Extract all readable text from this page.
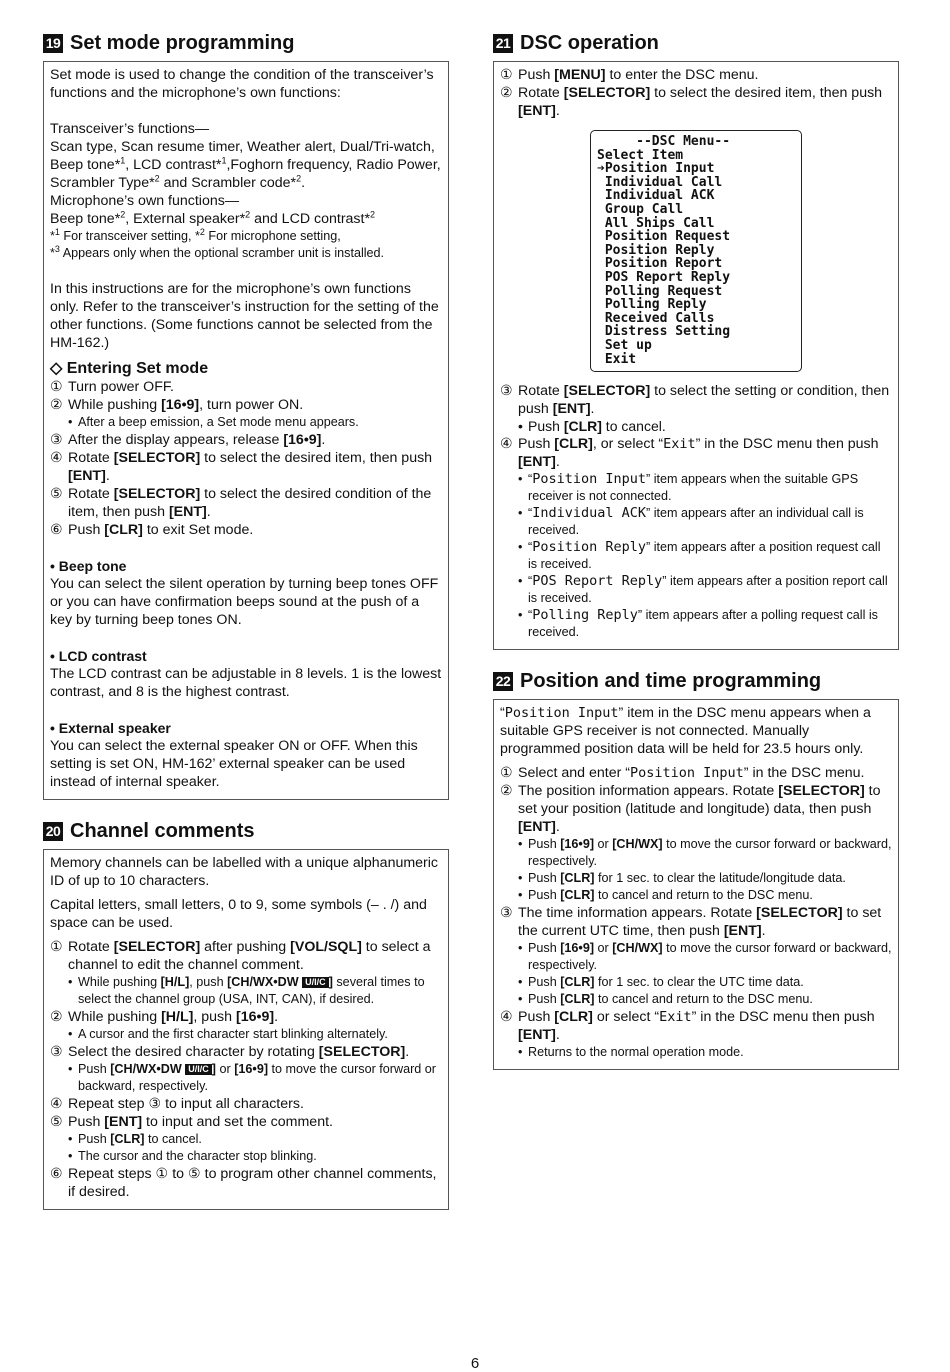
19 Set mode programming

Set mode is used to change the condition of the transceiver’s functions and the microphone’s own functions:

Transceiver’s functions—

Scan type, Scan resume timer, Weather alert, Dual/Tri-watch, Beep tone*$^1$, LCD contrast*$^1$,Foghorn frequency, Radio Power, Scrambler Type*$^2$ and Scrambler code*$^2$.

Microphone’s own functions—

Beep tone*$^2$, External speaker*$^2$ and LCD contrast*$^2$

*$^1$ For transceiver setting, *$^2$ For microphone setting,

*$^3$ Appears only when the optional scramber unit is installed.

In this instructions are for the microphone’s own functions only. Refer to the transceiver’s instruction for the setting of the other functions. (Some functions cannot be selected from the HM-162.)

◇ Entering Set mode
① Turn power OFF.
② While pushing [16•9], turn power ON.
• After a beep emission, a Set mode menu appears.
③ After the display appears, release [16•9].
④ Rotate [SELECTOR] to select the desired item, then push [ENT].
⑤ Rotate [SELECTOR] to select the desired condition of the item, then push [ENT].
⑥ Push [CLR] to exit Set mode.
• Beep tone

You can select the silent operation by turning beep tones OFF or you can have confirmation beeps sound at the push of a key by turning beep tones ON.

• LCD contrast

The LCD contrast can be adjustable in 8 levels. 1 is the lowest contrast, and 8 is the highest contrast.

• External speaker

You can select the external speaker ON or OFF. When this setting is set ON, HM-162’ external speaker can be used instead of internal speaker.

20 Channel comments

Memory channels can be labelled with a unique alphanumeric ID of up to 10 characters.

Capital letters, small letters, 0 to 9, some symbols (– . /) and space can be used.

① Rotate [SELECTOR] after pushing [VOL/SQL] to select a channel to edit the channel comment.
• While pushing [H/L], push [CH/WX•DW U/I/C ] several times to select the channel group (USA, INT, CAN), if desired.
② While pushing [H/L], push [16•9].
• A cursor and the first character start blinking alternately.
③ Select the desired character by rotating [SELECTOR].
• Push [CH/WX•DW U/I/C ] or [16•9] to move the cursor forward or backward, respectively.
④ Repeat step ③ to input all characters.
⑤ Push [ENT] to input and set the comment.
• Push [CLR] to cancel.
• The cursor and the character stop blinking.
⑥ Repeat steps ① to ⑤ to program other channel comments, if desired.
21 DSC operation
① Push [MENU] to enter the DSC menu.
② Rotate [SELECTOR] to select the desired item, then push [ENT].
--DSC Menu--
Select Item
➔Position Input
Individual Call
Individual ACK
Group Call
All Ships Call
Position Request
Position Reply
Position Report
POS Report Reply
Polling Request
Polling Reply
Received Calls
Distress Setting
Set up
Exit
③ Rotate [SELECTOR] to select the setting or condition, then push [ENT].
• Push [CLR] to cancel.
④ Push [CLR], or select “Exit” in the DSC menu then push [ENT].
• “Position Input” item appears when the suitable GPS receiver is not connected.
• “Individual ACK” item appears after an individual call is received.
• “Position Reply” item appears after a position request call is received.
• “POS Report Reply” item appears after a position report call is received.
• “Polling Reply” item appears after a polling request call is received.
22 Position and time programming

“Position Input” item in the DSC menu appears when a suitable GPS receiver is not connected. Manually programmed position data will be held for 23.5 hours only.

① Select and enter “Position Input” in the DSC menu.
② The position information appears. Rotate [SELECTOR] to set your position (latitude and longitude) data, then push [ENT].
• Push [16•9] or [CH/WX] to move the cursor forward or backward, respectively.
• Push [CLR] for 1 sec. to clear the latitude/longitude data.
• Push [CLR] to cancel and return to the DSC menu.
③ The time information appears. Rotate [SELECTOR] to set the current UTC time, then push [ENT].
• Push [16•9] or [CH/WX] to move the cursor forward or backward, respectively.
• Push [CLR] for 1 sec. to clear the UTC time data.
• Push [CLR] to cancel and return to the DSC menu.
④ Push [CLR] or select “Exit” in the DSC menu then push [ENT].
• Returns to the normal operation mode.
6
